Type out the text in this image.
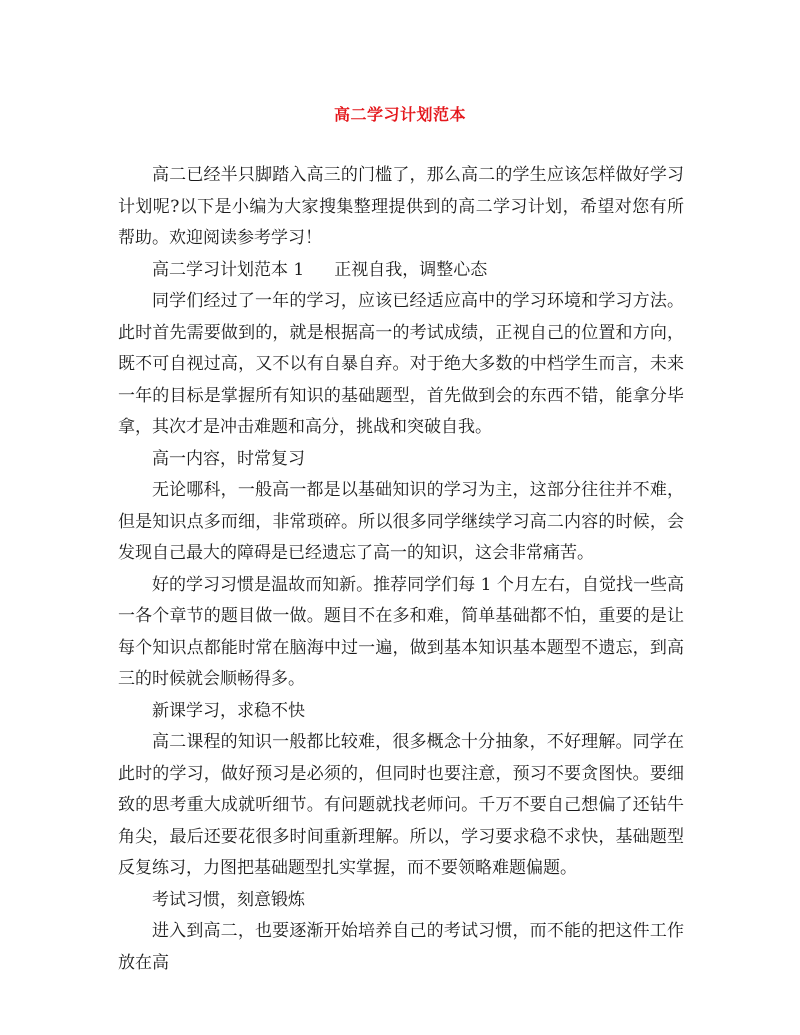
高二学习计划范本

高二已经半只脚踏入高三的门槛了，那么高二的学生应该怎样做好学习计划呢?以下是小编为大家搜集整理提供到的高二学习计划，希望对您有所帮助。欢迎阅读参考学习！

高二学习计划范本 1 正视自我，调整心态

同学们经过了一年的学习，应该已经适应高中的学习环境和学习方法。此时首先需要做到的，就是根据高一的考试成绩，正视自己的位置和方向，既不可自视过高，又不以有自暴自弃。对于绝大多数的中档学生而言，未来一年的目标是掌握所有知识的基础题型，首先做到会的东西不错，能拿分毕拿，其次才是冲击难题和高分，挑战和突破自我。

高一内容，时常复习

无论哪科，一般高一都是以基础知识的学习为主，这部分往往并不难，但是知识点多而细，非常琐碎。所以很多同学继续学习高二内容的时候，会发现自己最大的障碍是已经遗忘了高一的知识，这会非常痛苦。

好的学习习惯是温故而知新。推荐同学们每 1 个月左右，自觉找一些高一各个章节的题目做一做。题目不在多和难，简单基础都不怕，重要的是让每个知识点都能时常在脑海中过一遍，做到基本知识基本题型不遗忘，到高三的时候就会顺畅得多。

新课学习，求稳不快

高二课程的知识一般都比较难，很多概念十分抽象，不好理解。同学在此时的学习，做好预习是必须的，但同时也要注意，预习不要贪图快。要细致的思考重大成就听细节。有问题就找老师问。千万不要自己想偏了还钻牛角尖，最后还要花很多时间重新理解。所以，学习要求稳不求快，基础题型反复练习，力图把基础题型扎实掌握，而不要领略难题偏题。

考试习惯，刻意锻炼

进入到高二，也要逐渐开始培养自己的考试习惯，而不能的把这件工作放在高
